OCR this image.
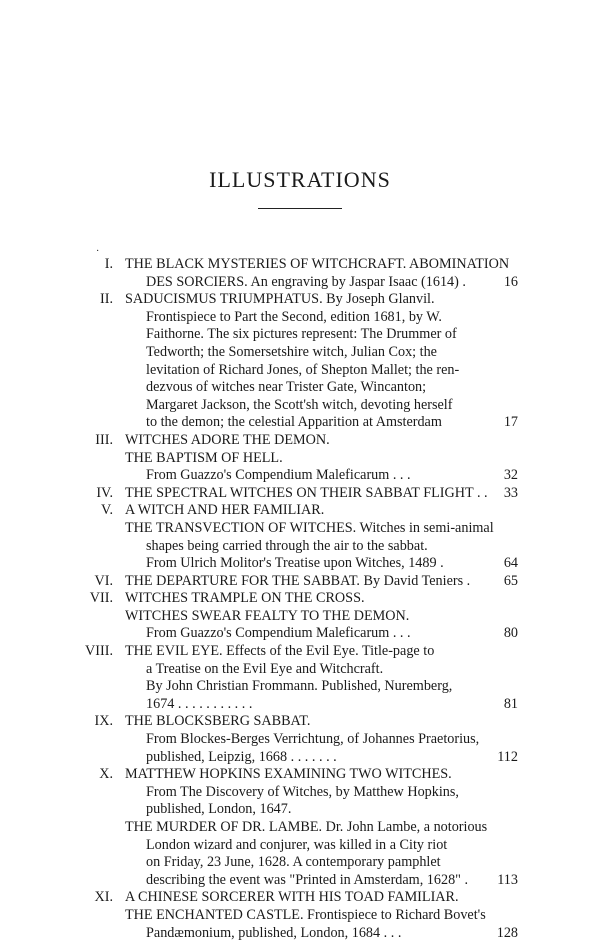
ILLUSTRATIONS
·
I. THE BLACK MYSTERIES OF WITCHCRAFT. ABOMINATION
DES SORCIERS. An engraving by Jaspar Isaac (1614) .	16
II. SADUCISMUS TRIUMPHATUS. By Joseph Glanvil.
Frontispiece to Part the Second, edition 1681, by W.
Faithorne. The six pictures represent: The Drummer of
Tedworth; the Somersetshire witch, Julian Cox; the
levitation of Richard Jones, of Shepton Mallet; the ren-
dezvous of witches near Trister Gate, Wincanton;
Margaret Jackson, the Scott'sh witch, devoting herself
to the demon; the celestial Apparition at Amsterdam	17
III. WITCHES ADORE THE DEMON.
THE BAPTISM OF HELL.
From Guazzo's Compendium Maleficarum . . .	32
IV. THE SPECTRAL WITCHES ON THEIR SABBAT FLIGHT . . 33
V. A WITCH AND HER FAMILIAR.
THE TRANSVECTION OF WITCHES. Witches in semi-animal
shapes being carried through the air to the sabbat.
From Ulrich Molitor's Treatise upon Witches, 1489 .	64
VI. THE DEPARTURE FOR THE SABBAT. By David Teniers . 65
VII. WITCHES TRAMPLE ON THE CROSS.
WITCHES SWEAR FEALTY TO THE DEMON.
From Guazzo's Compendium Maleficarum . . .	80
VIII. THE EVIL EYE. Effects of the Evil Eye. Title-page to
a Treatise on the Evil Eye and Witchcraft.
By John Christian Frommann. Published, Nuremberg,
1674 . . . . . . . . . . .	81
IX. THE BLOCKSBERG SABBAT.
From Blockes-Berges Verrichtung, of Johannes Praetorius,
published, Leipzig, 1668 . . . . . . .	112
X. MATTHEW HOPKINS EXAMINING TWO WITCHES.
From The Discovery of Witches, by Matthew Hopkins,
published, London, 1647.
THE MURDER OF DR. LAMBE. Dr. John Lambe, a notorious
London wizard and conjurer, was killed in a City riot
on Friday, 23 June, 1628. A contemporary pamphlet
describing the event was "Printed in Amsterdam, 1628" . 113
XI. A CHINESE SORCERER WITH HIS TOAD FAMILIAR.
THE ENCHANTED CASTLE. Frontispiece to Richard Bovet's
Pandæmonium, published, London, 1684 . . .	128
